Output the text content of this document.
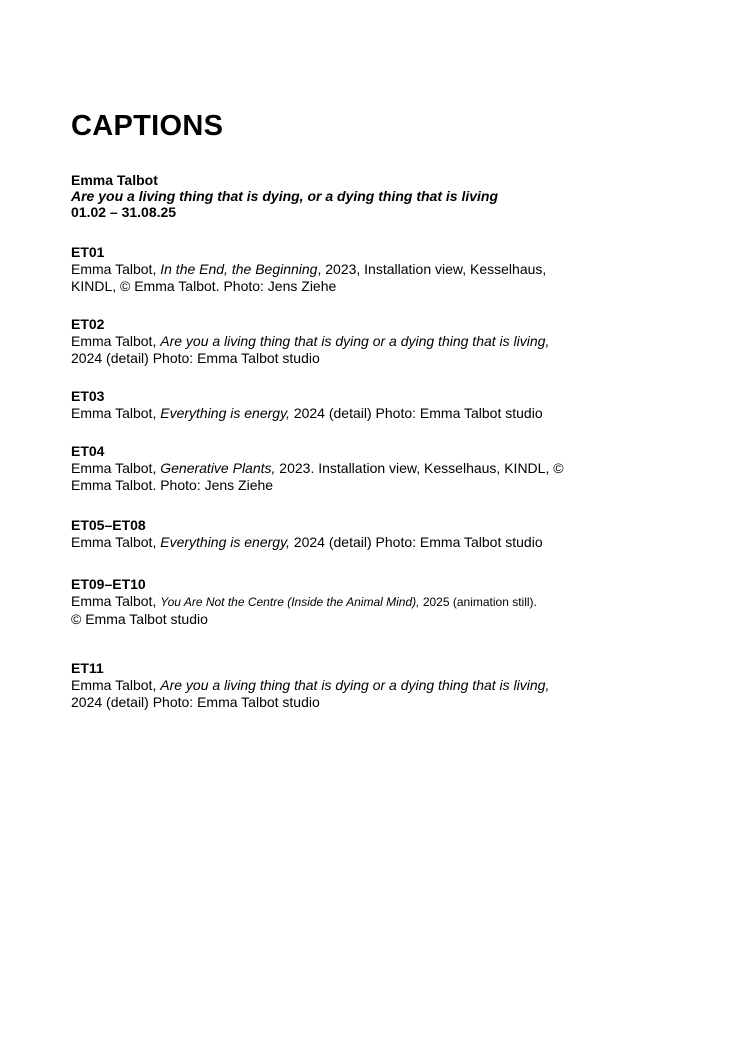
CAPTIONS
Emma Talbot
Are you a living thing that is dying, or a dying thing that is living
01.02 – 31.08.25
ET01
Emma Talbot, In the End, the Beginning, 2023, Installation view, Kesselhaus,
KINDL, © Emma Talbot. Photo: Jens Ziehe
ET02
Emma Talbot, Are you a living thing that is dying or a dying thing that is living,
2024 (detail) Photo: Emma Talbot studio
ET03
Emma Talbot, Everything is energy, 2024 (detail) Photo: Emma Talbot studio
ET04
Emma Talbot, Generative Plants, 2023. Installation view, Kesselhaus, KINDL, ©
Emma Talbot. Photo: Jens Ziehe
ET05–ET08
Emma Talbot, Everything is energy, 2024 (detail) Photo: Emma Talbot studio
ET09–ET10
Emma Talbot, You Are Not the Centre (Inside the Animal Mind), 2025 (animation still).
© Emma Talbot studio
ET11
Emma Talbot, Are you a living thing that is dying or a dying thing that is living,
2024 (detail) Photo: Emma Talbot studio
